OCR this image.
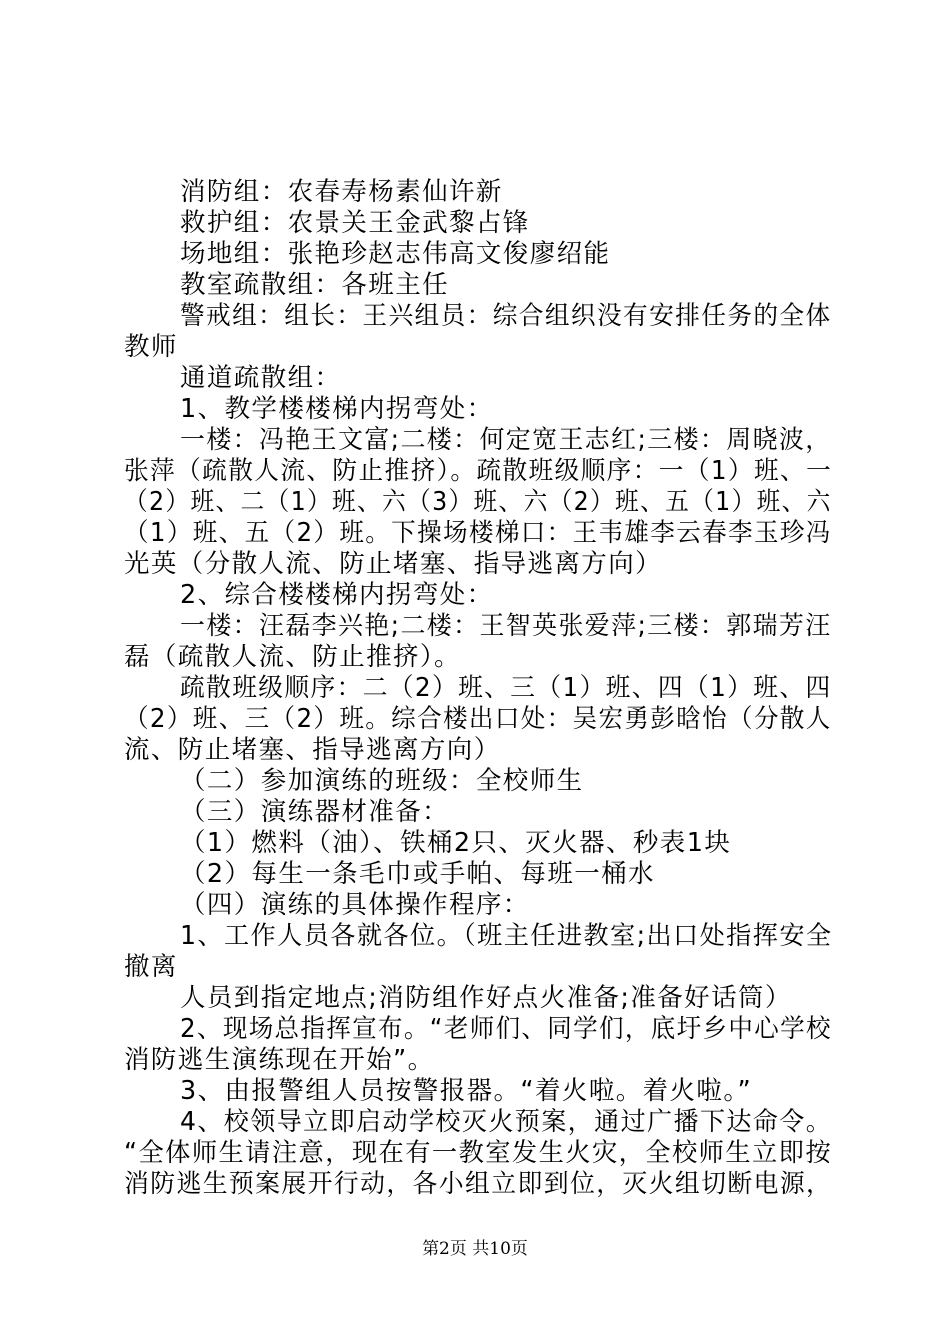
消防组：农春寿杨素仙许新
救护组：农景关王金武黎占锋
场地组：张艳珍赵志伟高文俊廖绍能
教室疏散组：各班主任
警戒组：组长：王兴组员：综合组织没有安排任务的全体
教师
通道疏散组：
1、教学楼楼梯内拐弯处：
一楼：冯艳王文富;二楼：何定宽王志红;三楼：周晓波，
张萍（疏散人流、防止推挤）。疏散班级顺序：一（1）班、一
（2）班、二（1）班、六（3）班、六（2）班、五（1）班、六
（1）班、五（2）班。下操场楼梯口：王韦雄李云春李玉珍冯
光英（分散人流、防止堵塞、指导逃离方向）
2、综合楼楼梯内拐弯处：
一楼：汪磊李兴艳;二楼：王智英张爱萍;三楼：郭瑞芳汪
磊（疏散人流、防止推挤）。
疏散班级顺序：二（2）班、三（1）班、四（1）班、四
（2）班、三（2）班。综合楼出口处：吴宏勇彭晗怡（分散人
流、防止堵塞、指导逃离方向）
（二）参加演练的班级：全校师生
（三）演练器材准备：
（1）燃料（油）、铁桶2只、灭火器、秒表1块
（2）每生一条毛巾或手帕、每班一桶水
（四）演练的具体操作程序：
1、工作人员各就各位。（班主任进教室;出口处指挥安全
撤离
人员到指定地点;消防组作好点火准备;准备好话筒）
2、现场总指挥宣布。“老师们、同学们，底圩乡中心学校
消防逃生演练现在开始”。
3、由报警组人员按警报器。“着火啦。着火啦。”
4、校领导立即启动学校灭火预案，通过广播下达命令。
“全体师生请注意，现在有一教室发生火灾，全校师生立即按
消防逃生预案展开行动，各小组立即到位，灭火组切断电源，
第2页 共10页
